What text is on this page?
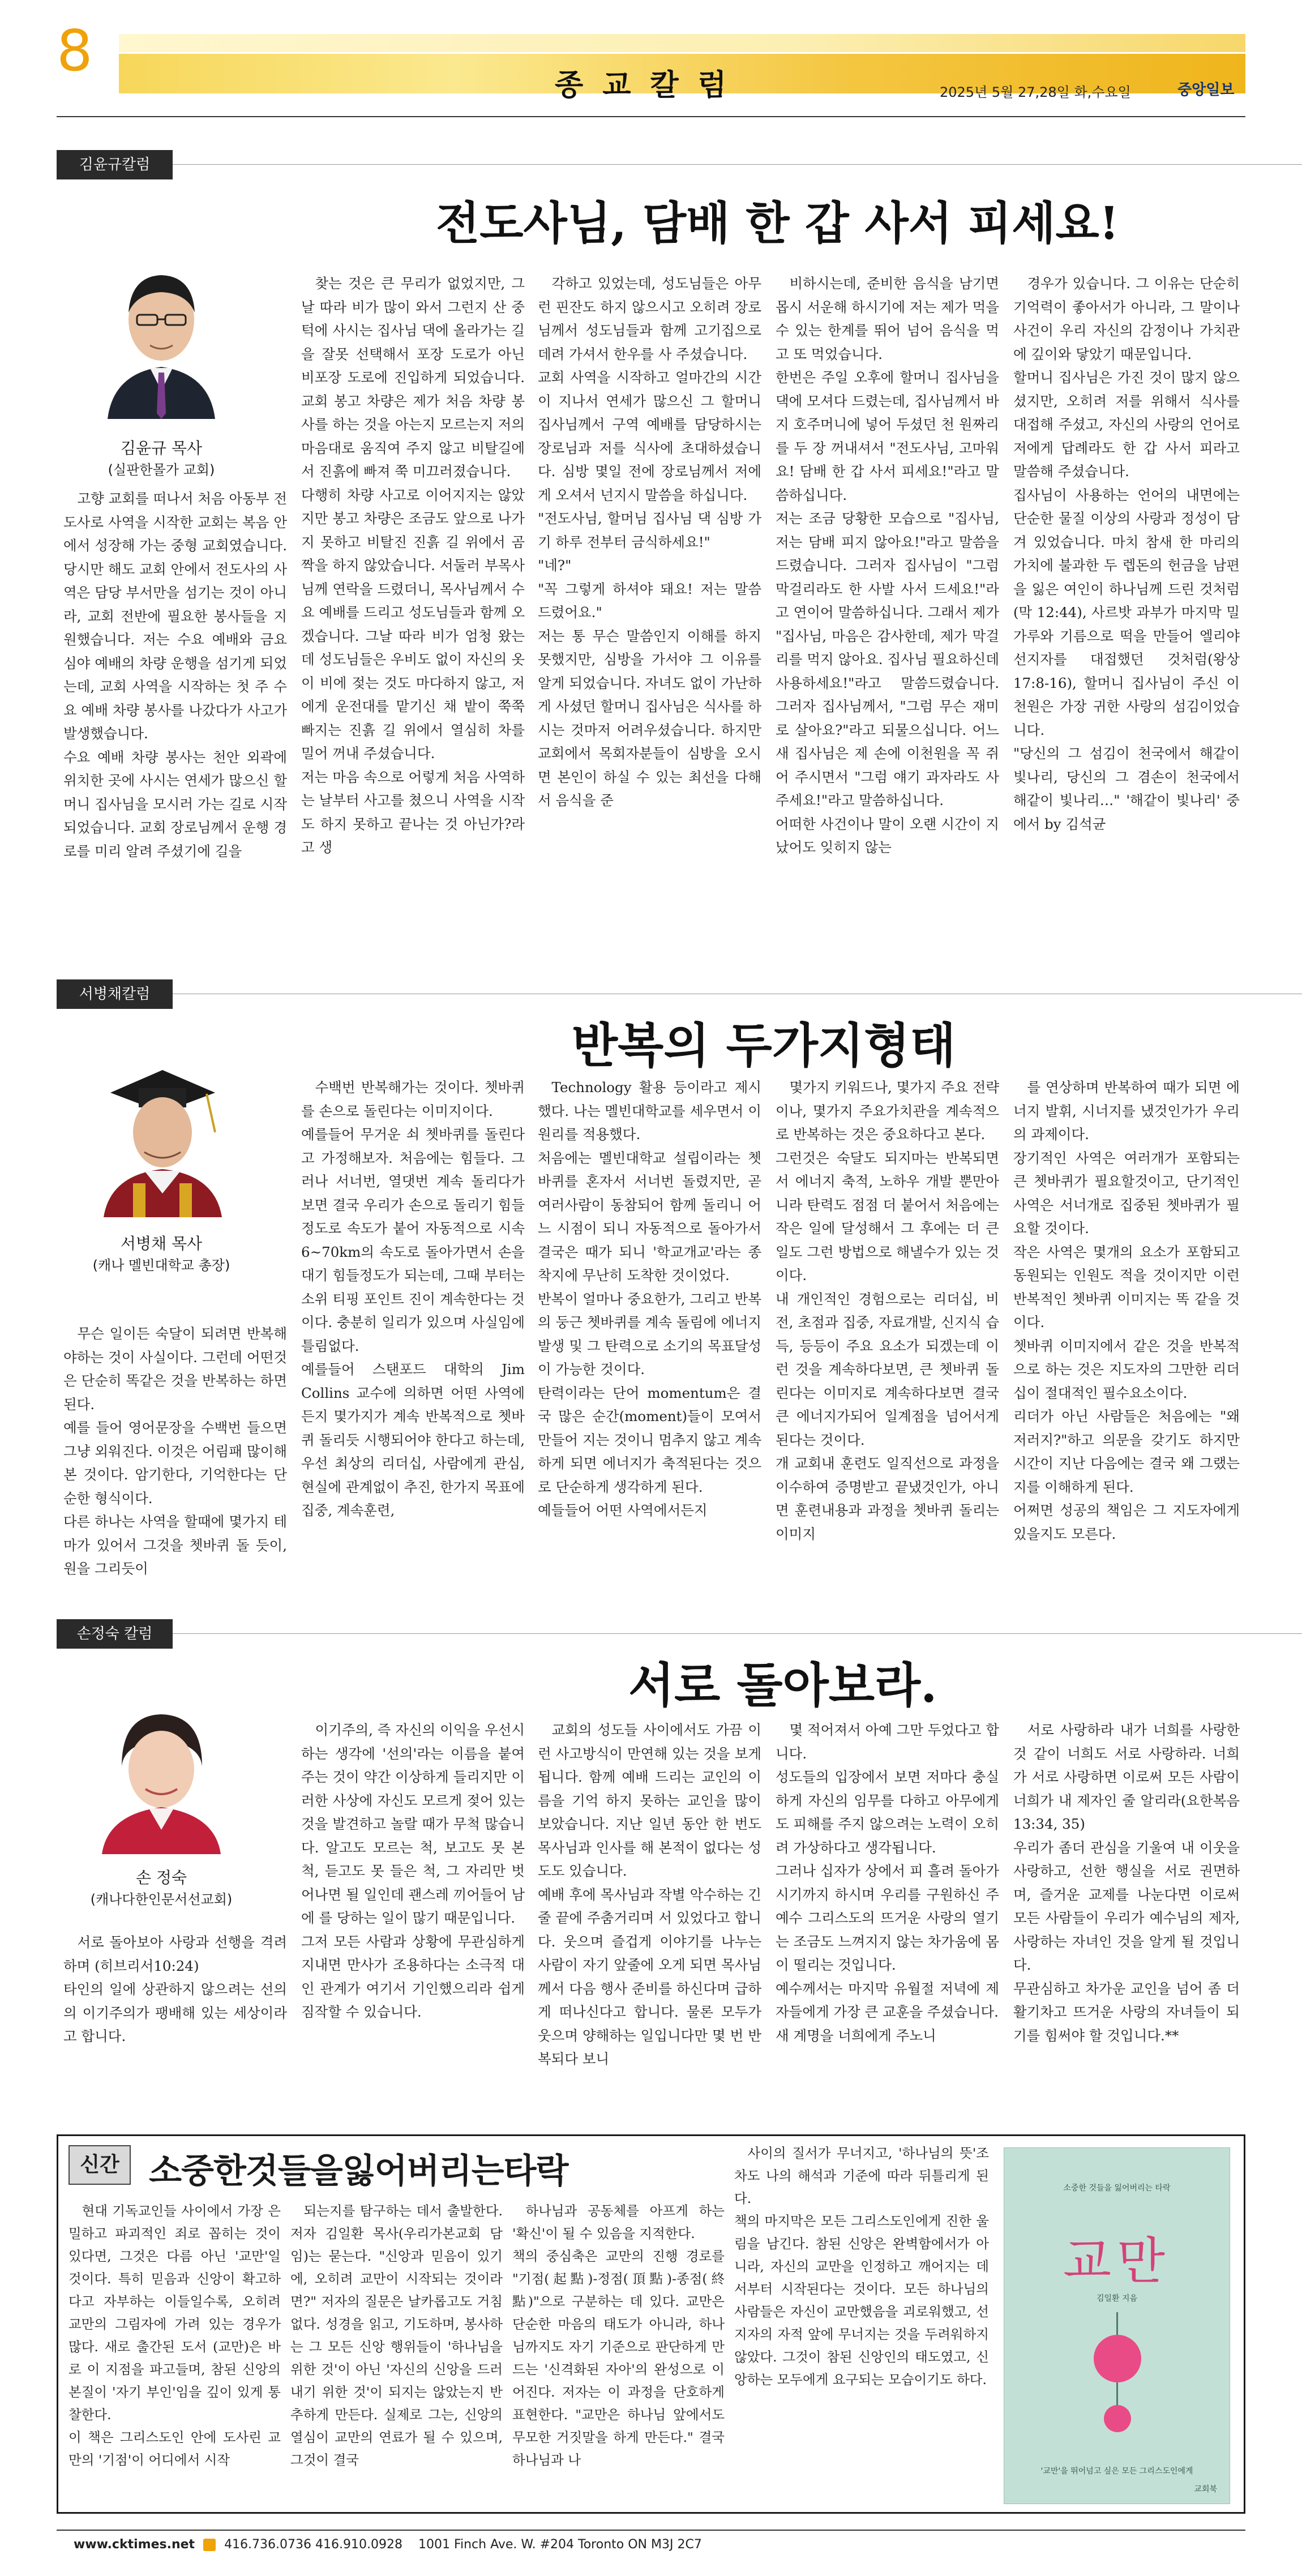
8
종교칼럼	2025년 5월 27,28일 화,수요일	중앙일보
김윤규칼럼
전도사님, 담배 한 갑 사서 피세요!
김윤규 목사
(실판한몰가 교회)

고향 교회를 떠나서 처음 아동부 전도사로 사역을 시작한 교회는 복음 안에서 성장해 가는 중형 교회였습니다. 당시만 해도 교회 안에서 전도사의 사역은 담당 부서만을 섬기는 것이 아니라, 교회 전반에 필요한 봉사들을 지원했습니다. 저는 수요 예배와 금요 심야 예배의 차량 운행을 섬기게 되었는데, 교회 사역을 시작하는 첫 주 수요 예배 차량 봉사를 나갔다가 사고가 발생했습니다.
수요 예배 차량 봉사는 천안 외곽에 위치한 곳에 사시는 연세가 많으신 할머니 집사님을 모시러 가는 길로 시작되었습니다. 교회 장로님께서 운행 경로를 미리 알려 주셨기에 길을

찾는 것은 큰 무리가 없었지만, 그 날 따라 비가 많이 와서 그런지 산 중턱에 사시는 집사님 댁에 올라가는 길을 잘못 선택해서 포장 도로가 아닌 비포장 도로에 진입하게 되었습니다. 교회 봉고 차량은 제가 처음 차량 봉사를 하는 것을 아는지 모르는지 저의 마음대로 움직여 주지 않고 비탈길에서 진흙에 빠져 쭉 미끄러졌습니다.
다행히 차량 사고로 이어지지는 않았지만 봉고 차량은 조금도 앞으로 나가지 못하고 비탈진 진흙 길 위에서 곰짝을 하지 않았습니다. 서둘러 부목사님께 연락을 드렸더니, 목사님께서 수요 예배를 드리고 성도님들과 함께 오겠습니다. 그날 따라 비가 엄청 왔는데 성도님들은 우비도 없이 자신의 옷이 비에 젖는 것도 마다하지 않고, 저에게 운전대를 맡기신 채 밭이 쭉쭉 빠지는 진흙 길 위에서 열심히 차를 밀어 꺼내 주셨습니다.
저는 마음 속으로 어렇게 처음 사역하는 날부터 사고를 쳤으니 사역을 시작도 하지 못하고 끝나는 것 아닌가?라고 생

각하고 있었는데, 성도님들은 아무런 핀잔도 하지 않으시고 오히려 장로님께서 성도님들과 함께 고기집으로 데려 가셔서 한우를 사 주셨습니다.
교회 사역을 시작하고 얼마간의 시간이 지나서 연세가 많으신 그 할머니 집사님께서 구역 예배를 담당하시는 장로님과 저를 식사에 초대하셨습니다. 심방 몇일 전에 장로님께서 저에게 오셔서 넌지시 말씀을 하십니다.
"전도사님, 할머님 집사님 댁 심방 가기 하루 전부터 금식하세요!"
"네?"
"꼭 그렇게 하셔야 돼요! 저는 말씀 드렸어요."
저는 통 무슨 말씀인지 이해를 하지 못했지만, 심방을 가서야 그 이유를 알게 되었습니다. 자녀도 없이 가난하게 사셨던 할머니 집사님은 식사를 하시는 것마저 어려우셨습니다. 하지만 교회에서 목회자분들이 심방을 오시면 본인이 하실 수 있는 최선을 다해서 음식을 준

비하시는데, 준비한 음식을 남기면 몹시 서운해 하시기에 저는 제가 먹을 수 있는 한계를 뛰어 넘어 음식을 먹고 또 먹었습니다.
한번은 주일 오후에 할머니 집사님을 댁에 모셔다 드렸는데, 집사님께서 바지 호주머니에 넣어 두셨던 천 원짜리를 두 장 꺼내셔서 "전도사님, 고마워요! 담배 한 갑 사서 피세요!"라고 말씀하십니다.
저는 조금 당황한 모습으로 "집사님, 저는 담배 피지 않아요!"라고 말씀을 드렸습니다. 그러자 집사님이 "그럼 막걸리라도 한 사발 사서 드세요!"라고 연이어 말씀하십니다. 그래서 제가 "집사님, 마음은 감사한데, 제가 막걸리를 먹지 않아요. 집사님 필요하신데 사용하세요!"라고 말씀드렸습니다. 그러자 집사님께서, "그럼 무슨 재미로 살아요?"라고 되물으십니다. 어느새 집사님은 제 손에 이천원을 꼭 쥐어 주시면서 "그럼 얘기 과자라도 사주세요!"라고 말씀하십니다.
어떠한 사건이나 말이 오랜 시간이 지났어도 잊히지 않는

경우가 있습니다. 그 이유는 단순히 기억력이 좋아서가 아니라, 그 말이나 사건이 우리 자신의 감정이나 가치관에 깊이와 닿았기 때문입니다.
할머니 집사님은 가진 것이 많지 않으셨지만, 오히려 저를 위해서 식사를 대접해 주셨고, 자신의 사랑의 언어로 저에게 답례라도 한 갑 사서 피라고 말씀해 주셨습니다.
집사님이 사용하는 언어의 내면에는 단순한 물질 이상의 사랑과 정성이 담겨 있었습니다. 마치 참새 한 마리의 가치에 불과한 두 렙돈의 헌금을 남편을 잃은 여인이 하나님께 드린 것처럼(막 12:44), 사르밧 과부가 마지막 밀가루와 기름으로 떡을 만들어 엘리야 선지자를 대접했던 것처럼(왕상 17:8-16), 할머니 집사님이 주신 이천원은 가장 귀한 사랑의 섬김이었습니다.
"당신의 그 섬김이 천국에서 해같이 빛나리, 당신의 그 겸손이 천국에서 해같이 빛나리…" '해같이 빛나리' 중에서 by 김석균

서병채칼럼
반복의 두가지형태
서병채 목사
(캐나 멜빈대학교 총장)

무슨 일이든 숙달이 되려면 반복해야하는 것이 사실이다. 그런데 어떤것은 단순히 똑같은 것을 반복하는 하면된다.
예를 들어 영어문장을 수백번 들으면 그냥 외워진다. 이것은 어림패 많이해 본 것이다. 암기한다, 기억한다는 단순한 형식이다.
다른 하나는 사역을 할때에 몇가지 테마가 있어서 그것을 쳇바퀴 돌 듯이, 원을 그리듯이

수백번 반복해가는 것이다. 쳇바퀴를 손으로 돌린다는 이미지이다.
예를들어 무거운 쇠 쳇바퀴를 돌린다고 가정해보자. 처음에는 힘들다. 그러나 서너번, 열댓번 계속 돌리다가 보면 결국 우리가 손으로 돌리기 힘들 정도로 속도가 붙어 자동적으로 시속 6~70km의 속도로 돌아가면서 손을 대기 힘들정도가 되는데, 그때 부터는 소위 티핑 포인트 진이 계속한다는 것이다. 충분히 일리가 있으며 사실임에 틀림없다.
예를들어 스탠포드 대학의 Jim Collins 교수에 의하면 어떤 사역에든지 몇가지가 계속 반복적으로 쳇바퀴 돌리듯 시행되어야 한다고 하는데, 우선 최상의 리더십, 사람에게 관심, 현실에 관계없이 추진, 한가지 목표에 집중, 계속훈련,

Technology 활용 등이라고 제시했다. 나는 멜빈대학교를 세우면서 이 원리를 적용했다.
처음에는 멜빈대학교 설립이라는 쳇바퀴를 혼자서 서너번 돌렸지만, 곧 여러사람이 동참되어 함께 돌리니 어느 시점이 되니 자동적으로 돌아가서 결국은 때가 되니 '학교개교'라는 종착지에 무난히 도착한 것이었다.
반복이 얼마나 중요한가, 그리고 반복의 둥근 쳇바퀴를 계속 돌림에 에너지 발생 및 그 탄력으로 소기의 목표달성이 가능한 것이다.
탄력이라는 단어 momentum은 결국 많은 순간(moment)들이 모여서 만들어 지는 것이니 멈추지 않고 계속하게 되면 에너지가 축적된다는 것으로 단순하게 생각하게 된다.
예들들어 어떤 사역에서든지

몇가지 키워드나, 몇가지 주요 전략이나, 몇가지 주요가치관을 계속적으로 반복하는 것은 중요하다고 본다.
그런것은 숙달도 되지마는 반복되면서 에너지 축적, 노하우 개발 뿐만아니라 탄력도 점점 더 붙어서 처음에는 작은 일에 달성해서 그 후에는 더 큰 일도 그런 방법으로 해낼수가 있는 것이다.
내 개인적인 경험으로는 리더십, 비전, 초점과 집중, 자료개발, 신지식 습득, 등등이 주요 요소가 되겠는데 이런 것을 계속하다보면, 큰 쳇바퀴 돌린다는 이미지로 계속하다보면 결국 큰 에너지가되어 일계점을 넘어서게 된다는 것이다.
개 교회내 훈련도 일직선으로 과정을 이수하여 증명받고 끝냈것인가, 아니면 훈련내용과 과정을 쳇바퀴 돌리는 이미지

를 연상하며 반복하여 때가 되면 에너지 발휘, 시너지를 냈것인가가 우리의 과제이다.
장기적인 사역은 여러개가 포함되는 큰 쳇바퀴가 필요할것이고, 단기적인 사역은 서너개로 집중된 쳇바퀴가 필요할 것이다.
작은 사역은 몇개의 요소가 포함되고 동원되는 인원도 적을 것이지만 이런 반복적인 쳇바퀴 이미지는 똑 같을 것이다.
쳇바퀴 이미지에서 같은 것을 반복적으로 하는 것은 지도자의 그만한 리더십이 절대적인 필수요소이다.
리더가 아닌 사람들은 처음에는 "왜 저러지?"하고 의문을 갖기도 하지만 시간이 지난 다음에는 결국 왜 그랬는지를 이해하게 된다.
어쩌면 성공의 책임은 그 지도자에게 있을지도 모른다.

손정숙 칼럼
서로 돌아보라.
손 정숙
(캐나다한인문서선교회)

서로 돌아보아 사랑과 선행을 격려하며 (히브리서10:24)
타인의 일에 상관하지 않으려는 선의의 이기주의가 팽배해 있는 세상이라고 합니다.

이기주의, 즉 자신의 이익을 우선시하는 생각에 '선의'라는 이름을 붙여 주는 것이 약간 이상하게 들리지만 이러한 사상에 자신도 모르게 젖어 있는 것을 발견하고 놀랄 때가 무척 많습니다. 알고도 모르는 척, 보고도 못 본척, 듣고도 못 들은 척, 그 자리만 벗어나면 될 일인데 괜스레 끼어들어 남에 를 당하는 일이 많기 때문입니다.
그저 모든 사람과 상황에 무관심하게 지내면 만사가 조용하다는 소극적 대인 관계가 여기서 기인했으리라 쉽게 짐작할 수 있습니다.

교회의 성도들 사이에서도 가끔 이런 사고방식이 만연해 있는 것을 보게 됩니다. 함께 예배 드리는 교인의 이름을 기억 하지 못하는 교인을 많이 보았습니다. 지난 일년 동안 한 번도 목사님과 인사를 해 본적이 없다는 성도도 있습니다.
예배 후에 목사님과 작별 악수하는 긴 줄 끝에 주춤거리며 서 있었다고 합니다. 웃으며 즐겁게 이야기를 나누는 사람이 자기 앞줄에 오게 되면 목사님께서 다음 행사 준비를 하신다며 급하게 떠나신다고 합니다. 물론 모두가 웃으며 양해하는 일입니다만 몇 번 반복되다 보니

몇 적어져서 아예 그만 두었다고 합니다.
성도들의 입장에서 보면 저마다 충실하게 자신의 임무를 다하고 아무에게도 피해를 주지 않으려는 노력이 오히려 가상하다고 생각됩니다.
그러나 십자가 상에서 피 흘려 돌아가시기까지 하시며 우리를 구원하신 주 예수 그리스도의 뜨거운 사랑의 열기는 조금도 느껴지지 않는 차가움에 몸이 떨리는 것입니다.
예수께서는 마지막 유월절 저녁에 제자들에게 가장 큰 교훈을 주셨습니다.
새 계명을 너희에게 주노니

서로 사랑하라 내가 너희를 사랑한 것 같이 너희도 서로 사랑하라. 너희가 서로 사랑하면 이로써 모든 사람이 너희가 내 제자인 줄 알리라(요한복음13:34, 35)
우리가 좀더 관심을 기울여 내 이웃을 사랑하고, 선한 행실을 서로 권면하며, 즐거운 교제를 나눈다면 이로써 모든 사람들이 우리가 예수님의 제자, 사랑하는 자녀인 것을 알게 될 것입니다.
무관심하고 차가운 교인을 넘어 좀 더 활기차고 뜨거운 사랑의 자녀들이 되기를 힘써야 할 것입니다.**

신간 소중한것들을잃어버리는타락

현대 기독교인들 사이에서 가장 은밀하고 파괴적인 죄로 꼽히는 것이 있다면, 그것은 다름 아닌 '교만'일 것이다. 특히 믿음과 신앙이 확고하다고 자부하는 이들일수록, 오히려 교만의 그림자에 가려 있는 경우가 많다. 새로 출간된 도서 (교만)은 바로 이 지점을 파고들며, 참된 신앙의 본질이 '자기 부인'임을 깊이 있게 통찰한다.
이 책은 그리스도인 안에 도사린 교만의 '기점'이 어디에서 시작

되는지를 탐구하는 데서 출발한다. 저자 김일환 목사(우리가본교회 담임)는 묻는다. "신앙과 믿음이 있기에, 오히려 교만이 시작되는 것이라면?" 저자의 질문은 날카롭고도 거침없다. 성경을 읽고, 기도하며, 봉사하는 그 모든 신앙 행위들이 '하나님을 위한 것'이 아닌 '자신의 신앙을 드러내기 위한 것'이 되지는 않았는지 반추하게 만든다. 실제로 그는, 신앙의 열심이 교만의 연료가 될 수 있으며, 그것이 결국

하나님과 공동체를 아프게 하는 '확신'이 될 수 있음을 지적한다.
책의 중심축은 교만의 진행 경로를 "기점(起點)-정점(頂點)-종점(終點)"으로 구분하는 데 있다. 교만은 단순한 마음의 태도가 아니라, 하나님까지도 자기 기준으로 판단하게 만드는 '신격화된 자아'의 완성으로 이어진다. 저자는 이 과정을 단호하게 표현한다. "교만은 하나님 앞에서도 무모한 거짓말을 하게 만든다." 결국 하나님과 나

사이의 질서가 무너지고, '하나님의 뜻'조차도 나의 해석과 기준에 따라 뒤틀리게 된다.
책의 마지막은 모든 그리스도인에게 진한 울림을 남긴다. 참된 신앙은 완벽함에서가 아니라, 자신의 교만을 인정하고 깨어지는 데서부터 시작된다는 것이다. 모든 하나님의 사람들은 자신이 교만했음을 괴로워했고, 선지자의 자적 앞에 무너지는 것을 두려워하지 않았다. 그것이 참된 신앙인의 태도였고, 신앙하는 모두에게 요구되는 모습이기도 하다.

소중한 것들을 잃어버리는 타락
교만
김일환 지음
'교만'을 뛰어넘고 싶은 모든 그리스도인에게
교회북
www.cktimes.net 416.736.0736 416.910.0928 1001 Finch Ave. W. #204 Toronto ON M3J 2C7
